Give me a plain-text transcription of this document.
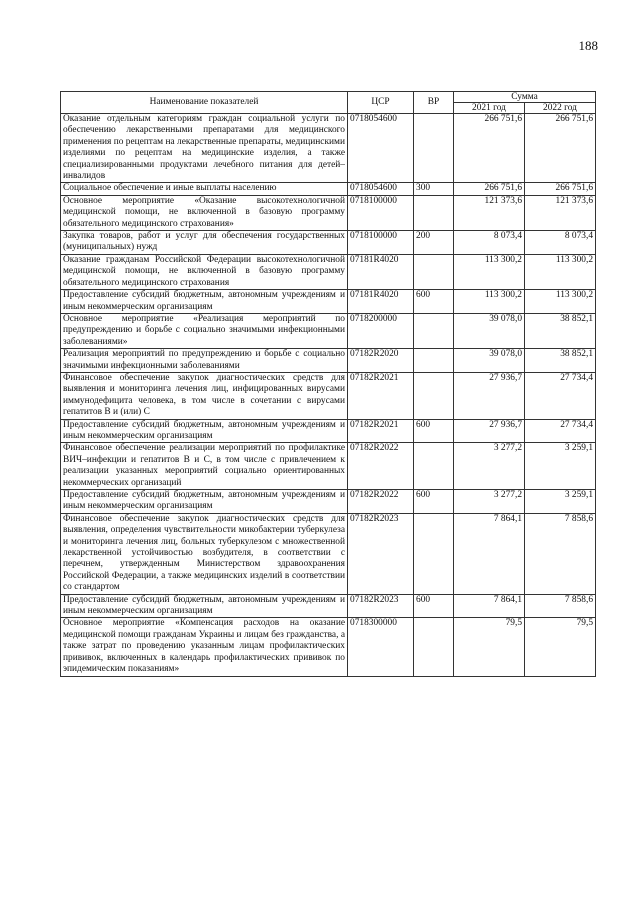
188
Наименование показателей	ЦСР	ВР	Сумма	
			2021 год	2022 год
Оказание отдельным категориям граждан социальной услуги по обеспечению лекарственными препаратами для медицинского применения по рецептам на лекарственные препараты, медицинскими изделиями по рецептам на медицинские изделия, а также специализированными продуктами лечебного питания для детей–инвалидов	0718054600		266 751,6	266 751,6
Социальное обеспечение и иные выплаты населению	0718054600	300	266 751,6	266 751,6
Основное мероприятие «Оказание высокотехнологичной медицинской помощи, не включенной в базовую программу обязательного медицинского страхования»	0718100000		121 373,6	121 373,6
Закупка товаров, работ и услуг для обеспечения государственных (муниципальных) нужд	0718100000	200	8 073,4	8 073,4
Оказание гражданам Российской Федерации высокотехнологичной медицинской помощи, не включенной в базовую программу обязательного медицинского страхования	07181R4020		113 300,2	113 300,2
Предоставление субсидий бюджетным, автономным учреждениям и иным некоммерческим организациям	07181R4020	600	113 300,2	113 300,2
Основное мероприятие «Реализация мероприятий по предупреждению и борьбе с социально значимыми инфекционными заболеваниями»	0718200000		39 078,0	38 852,1
Реализация мероприятий по предупреждению и борьбе с социально значимыми инфекционными заболеваниями	07182R2020		39 078,0	38 852,1
Финансовое обеспечение закупок диагностических средств для выявления и мониторинга лечения лиц, инфицированных вирусами иммунодефицита человека, в том числе в сочетании с вирусами гепатитов В и (или) С	07182R2021		27 936,7	27 734,4
Предоставление субсидий бюджетным, автономным учреждениям и иным некоммерческим организациям	07182R2021	600	27 936,7	27 734,4
Финансовое обеспечение реализации мероприятий по профилактике ВИЧ–инфекции и гепатитов В и С, в том числе с привлечением к реализации указанных мероприятий социально ориентированных некоммерческих организаций	07182R2022		3 277,2	3 259,1
Предоставление субсидий бюджетным, автономным учреждениям и иным некоммерческим организациям	07182R2022	600	3 277,2	3 259,1
Финансовое обеспечение закупок диагностических средств для выявления, определения чувствительности микобактерии туберкулеза и мониторинга лечения лиц, больных туберкулезом с множественной лекарственной устойчивостью возбудителя, в соответствии с перечнем, утвержденным Министерством здравоохранения Российской Федерации, а также медицинских изделий в соответствии со стандартом	07182R2023		7 864,1	7 858,6
Предоставление субсидий бюджетным, автономным учреждениям и иным некоммерческим организациям	07182R2023	600	7 864,1	7 858,6
Основное мероприятие «Компенсация расходов на оказание медицинской помощи гражданам Украины и лицам без гражданства, а также затрат по проведению указанным лицам профилактических прививок, включенных в календарь профилактических прививок по эпидемическим показаниям»	0718300000		79,5	79,5
